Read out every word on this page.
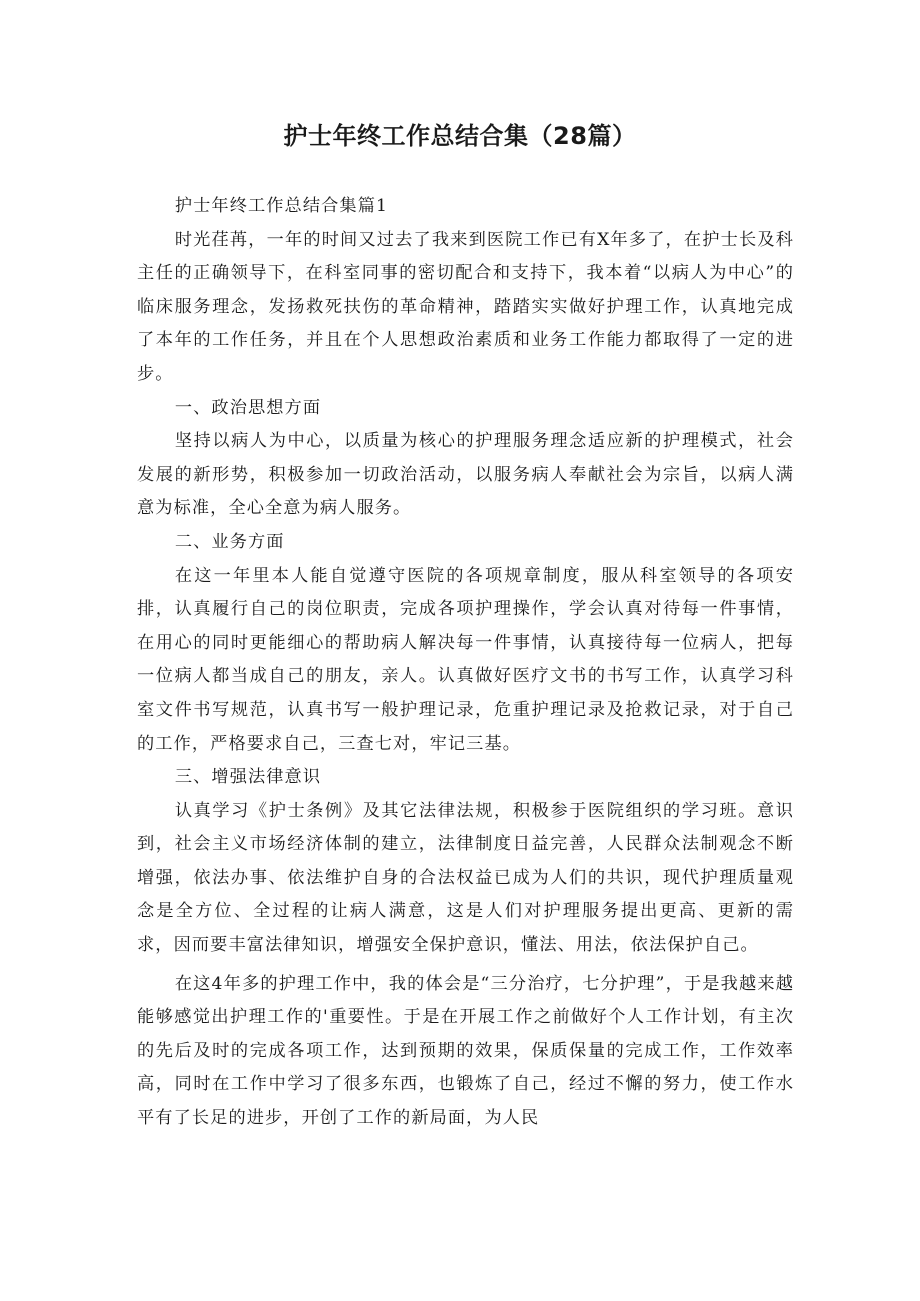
护士年终工作总结合集（28篇）

护士年终工作总结合集篇1

时光荏苒，一年的时间又过去了我来到医院工作已有X年多了，在护士长及科主任的正确领导下，在科室同事的密切配合和支持下，我本着“以病人为中心”的临床服务理念，发扬救死扶伤的革命精神，踏踏实实做好护理工作，认真地完成了本年的工作任务，并且在个人思想政治素质和业务工作能力都取得了一定的进步。

一、政治思想方面

坚持以病人为中心，以质量为核心的护理服务理念适应新的护理模式，社会发展的新形势，积极参加一切政治活动，以服务病人奉献社会为宗旨，以病人满意为标准，全心全意为病人服务。

二、业务方面

在这一年里本人能自觉遵守医院的各项规章制度，服从科室领导的各项安排，认真履行自己的岗位职责，完成各项护理操作，学会认真对待每一件事情，在用心的同时更能细心的帮助病人解决每一件事情，认真接待每一位病人，把每一位病人都当成自己的朋友，亲人。认真做好医疗文书的书写工作，认真学习科室文件书写规范，认真书写一般护理记录，危重护理记录及抢救记录，对于自己的工作，严格要求自己，三查七对，牢记三基。

三、增强法律意识

认真学习《护士条例》及其它法律法规，积极参于医院组织的学习班。意识到，社会主义市场经济体制的建立，法律制度日益完善，人民群众法制观念不断增强，依法办事、依法维护自身的合法权益已成为人们的共识，现代护理质量观念是全方位、全过程的让病人满意，这是人们对护理服务提出更高、更新的需求，因而要丰富法律知识，增强安全保护意识，懂法、用法，依法保护自己。

在这4年多的护理工作中，我的体会是“三分治疗，七分护理”，于是我越来越能够感觉出护理工作的'重要性。于是在开展工作之前做好个人工作计划，有主次的先后及时的完成各项工作，达到预期的效果，保质保量的完成工作，工作效率高，同时在工作中学习了很多东西，也锻炼了自己，经过不懈的努力，使工作水平有了长足的进步，开创了工作的新局面，为人民
